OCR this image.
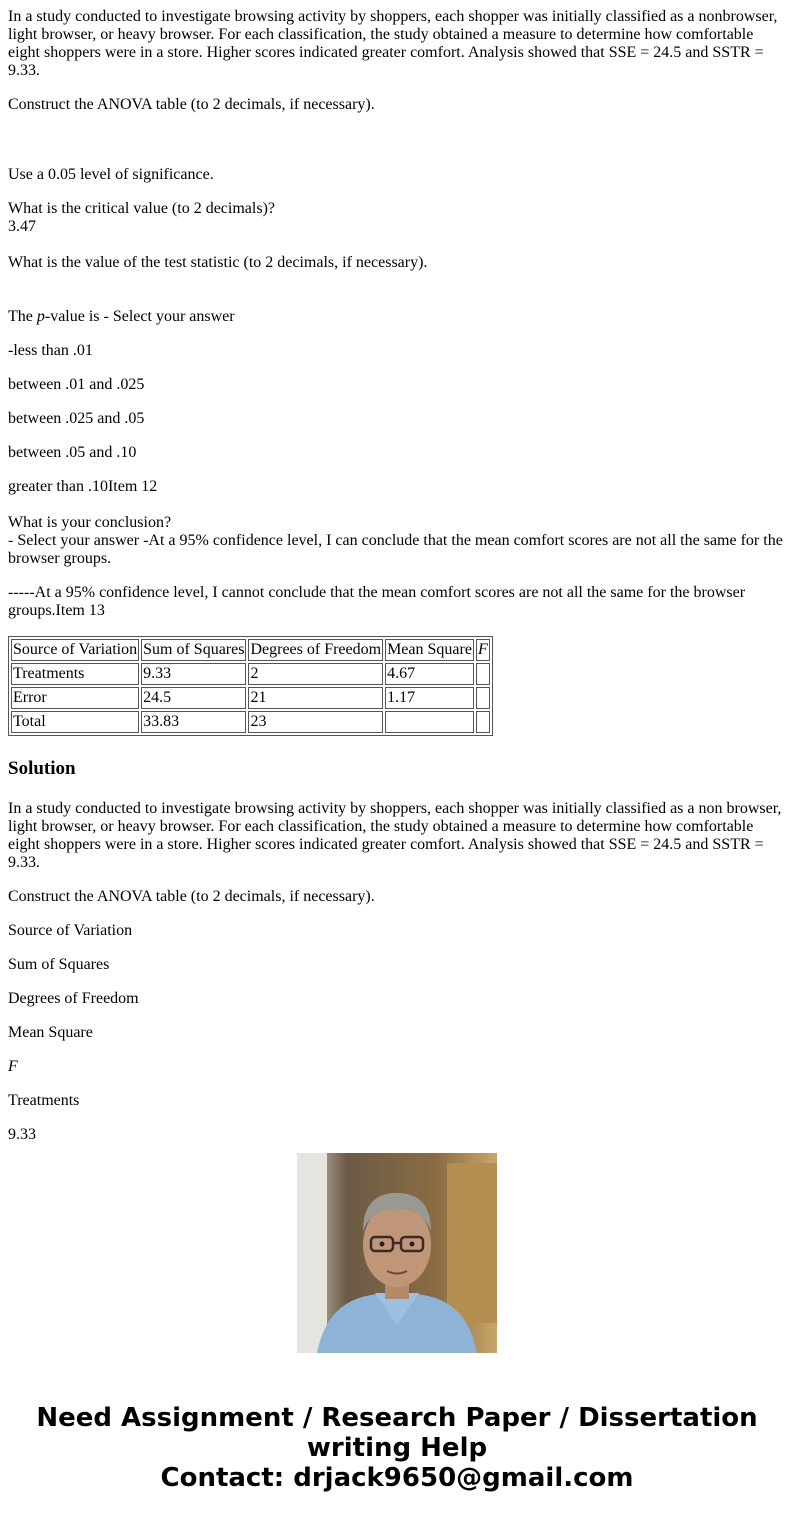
In a study conducted to investigate browsing activity by shoppers, each shopper was initially classified as a nonbrowser, light browser, or heavy browser. For each classification, the study obtained a measure to determine how comfortable eight shoppers were in a store. Higher scores indicated greater comfort. Analysis showed that SSE = 24.5 and SSTR = 9.33.

Construct the ANOVA table (to 2 decimals, if necessary).

Use a 0.05 level of significance.

What is the critical value (to 2 decimals)?
3.47

What is the value of the test statistic (to 2 decimals, if necessary).

The p-value is - Select your answer

-less than .01

between .01 and .025

between .025 and .05

between .05 and .10

greater than .10Item 12

What is your conclusion?
- Select your answer -At a 95% confidence level, I can conclude that the mean comfort scores are not all the same for the browser groups.

-----At a 95% confidence level, I cannot conclude that the mean comfort scores are not all the same for the browser groups.Item 13

Source of Variation	Sum of Squares	Degrees of Freedom	Mean Square	F
Treatments	9.33	2	4.67	
Error	24.5	21	1.17	
Total	33.83	23		
Solution

In a study conducted to investigate browsing activity by shoppers, each shopper was initially classified as a non browser, light browser, or heavy browser. For each classification, the study obtained a measure to determine how comfortable eight shoppers were in a store. Higher scores indicated greater comfort. Analysis showed that SSE = 24.5 and SSTR = 9.33.

Construct the ANOVA table (to 2 decimals, if necessary).

Source of Variation

Sum of Squares

Degrees of Freedom

Mean Square

F

Treatments

9.33

Need Assignment / Research Paper / Dissertation writing Help
Contact: drjack9650@gmail.com
